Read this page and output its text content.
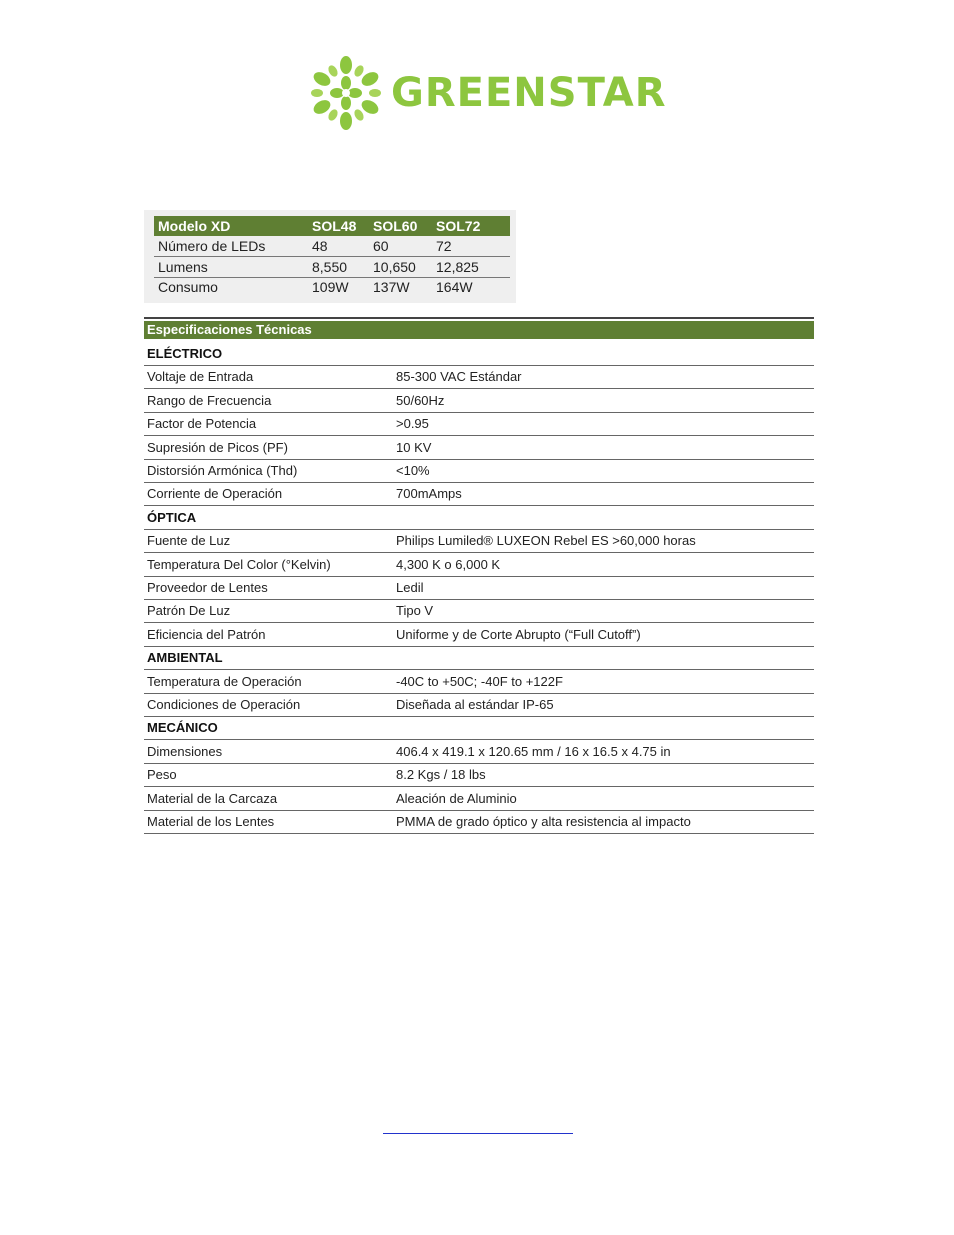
GREENSTAR
Modelo XD	SOL48 SOL60 SOL72
Número de LEDs	48	60	72
Lumens	8,550 10,650 12,825
Consumo	109W 137W 164W
Especificaciones Técnicas
ELÉCTRICO
Voltaje de Entrada	85-300 VAC Estándar
Rango de Frecuencia	50/60Hz
Factor de Potencia	>0.95
Supresión de Picos (PF)	10 KV
Distorsión Armónica (Thd)	<10%
Corriente de Operación	700mAmps
ÓPTICA
Fuente de Luz	Philips Lumiled® LUXEON Rebel ES >60,000 horas
Temperatura Del Color (°Kelvin)	4,300 K o 6,000 K
Proveedor de Lentes	Ledil
Patrón De Luz	Tipo V
Eficiencia del Patrón	Uniforme y de Corte Abrupto (“Full Cutoff”)
AMBIENTAL
Temperatura de Operación	-40C to +50C; -40F to +122F
Condiciones de Operación	Diseñada al estándar IP-65
MECÁNICO
Dimensiones	406.4 x 419.1 x 120.65 mm / 16 x 16.5 x 4.75 in
Peso	8.2 Kgs / 18 lbs
Material de la Carcaza	Aleación de Aluminio
Material de los Lentes	PMMA de grado óptico y alta resistencia al impacto
